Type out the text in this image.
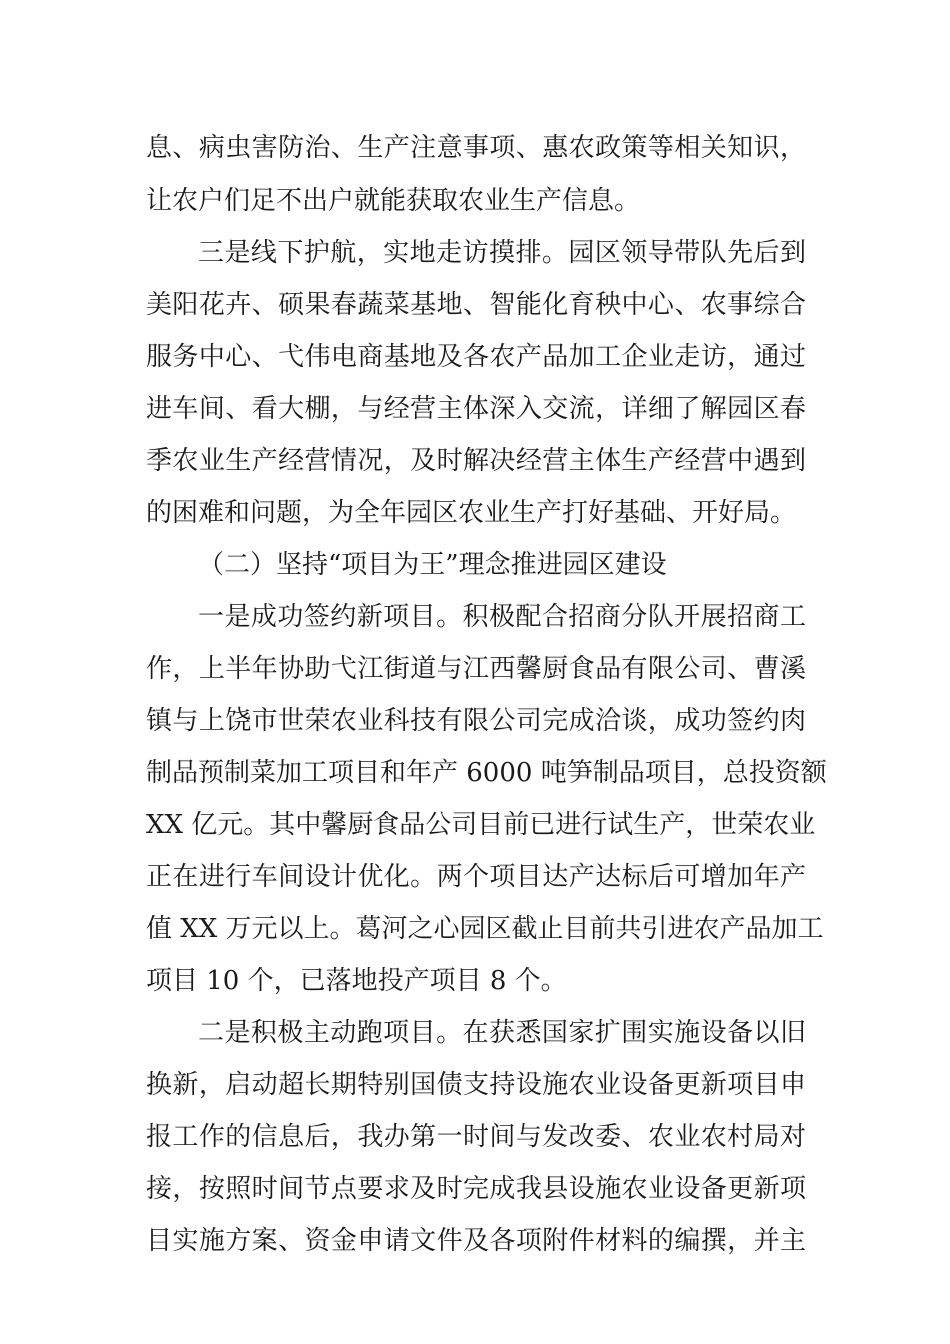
息、病虫害防治、生产注意事项、惠农政策等相关知识，
让农户们足不出户就能获取农业生产信息。
三是线下护航，实地走访摸排。园区领导带队先后到
美阳花卉、硕果春蔬菜基地、智能化育秧中心、农事综合
服务中心、弋伟电商基地及各农产品加工企业走访，通过
进车间、看大棚，与经营主体深入交流，详细了解园区春
季农业生产经营情况，及时解决经营主体生产经营中遇到
的困难和问题，为全年园区农业生产打好基础、开好局。
（二）坚持“项目为王”理念推进园区建设
一是成功签约新项目。积极配合招商分队开展招商工
作，上半年协助弋江街道与江西馨厨食品有限公司、曹溪
镇与上饶市世荣农业科技有限公司完成洽谈，成功签约肉
制品预制菜加工项目和年产 6000 吨笋制品项目，总投资额
XX 亿元。其中馨厨食品公司目前已进行试生产，世荣农业
正在进行车间设计优化。两个项目达产达标后可增加年产
值 XX 万元以上。葛河之心园区截止目前共引进农产品加工
项目 10 个，已落地投产项目 8 个。
二是积极主动跑项目。在获悉国家扩围实施设备以旧
换新，启动超长期特别国债支持设施农业设备更新项目申
报工作的信息后，我办第一时间与发改委、农业农村局对
接，按照时间节点要求及时完成我县设施农业设备更新项
目实施方案、资金申请文件及各项附件材料的编撰，并主
